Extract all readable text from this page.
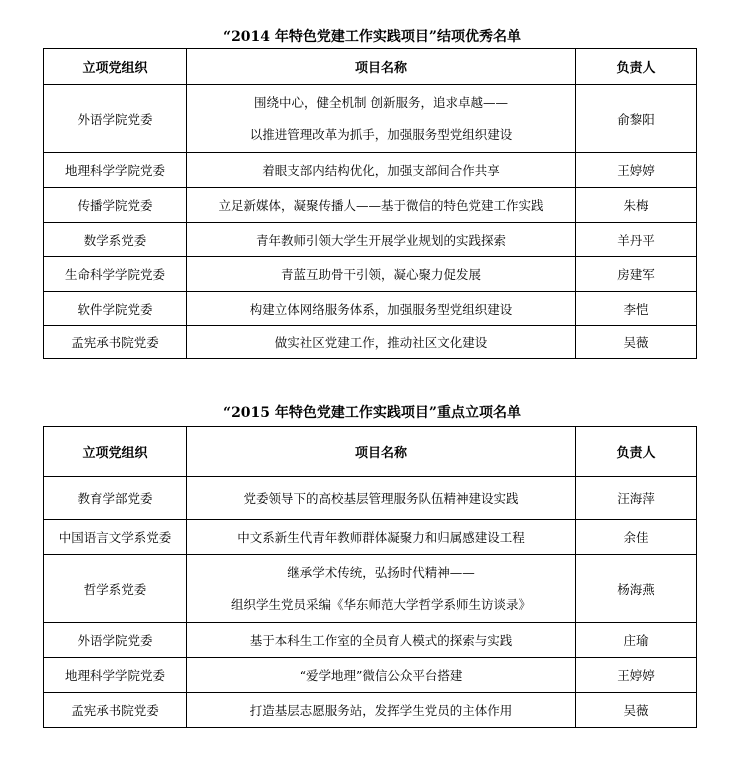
“2014 年特色党建工作实践项目”结项优秀名单
立项党组织	项目名称	负责人
外语学院党委	围绕中心，健全机制 创新服务，追求卓越——
以推进管理改革为抓手，加强服务型党组织建设	俞黎阳
地理科学学院党委	着眼支部内结构优化，加强支部间合作共享	王婷婷
传播学院党委	立足新媒体，凝聚传播人——基于微信的特色党建工作实践	朱梅
数学系党委	青年教师引领大学生开展学业规划的实践探索	羊丹平
生命科学学院党委	青蓝互助骨干引领，凝心聚力促发展	房建军
软件学院党委	构建立体网络服务体系，加强服务型党组织建设	李恺
孟宪承书院党委	做实社区党建工作，推动社区文化建设	吴薇
“2015 年特色党建工作实践项目”重点立项名单
立项党组织	项目名称	负责人
教育学部党委	党委领导下的高校基层管理服务队伍精神建设实践	汪海萍
中国语言文学系党委	中文系新生代青年教师群体凝聚力和归属感建设工程	余佳
哲学系党委	继承学术传统，弘扬时代精神——
组织学生党员采编《华东师范大学哲学系师生访谈录》	杨海燕
外语学院党委	基于本科生工作室的全员育人模式的探索与实践	庄瑜
地理科学学院党委	“爱学地理”微信公众平台搭建	王婷婷
孟宪承书院党委	打造基层志愿服务站，发挥学生党员的主体作用	吴薇
